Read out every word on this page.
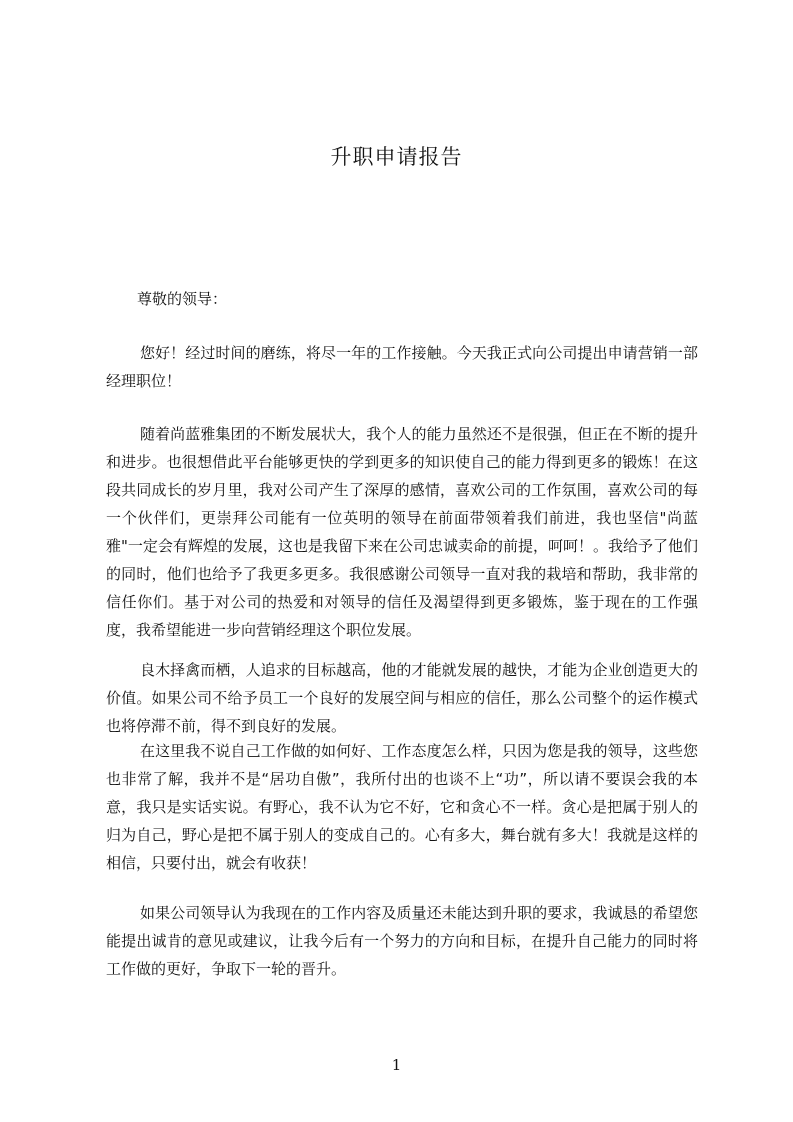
升职申请报告
尊敬的领导：

您好！经过时间的磨练，将尽一年的工作接触。今天我正式向公司提出申请营销一部经理职位！

随着尚蓝雅集团的不断发展状大，我个人的能力虽然还不是很强，但正在不断的提升和进步。也很想借此平台能够更快的学到更多的知识使自己的能力得到更多的锻炼！在这段共同成长的岁月里，我对公司产生了深厚的感情，喜欢公司的工作氛围，喜欢公司的每一个伙伴们，更崇拜公司能有一位英明的领导在前面带领着我们前进，我也坚信"尚蓝雅"一定会有辉煌的发展，这也是我留下来在公司忠诚卖命的前提，呵呵！。我给予了他们的同时，他们也给予了我更多更多。我很感谢公司领导一直对我的栽培和帮助，我非常的信任你们。基于对公司的热爱和对领导的信任及渴望得到更多锻炼，鉴于现在的工作强度，我希望能进一步向营销经理这个职位发展。

良木择禽而栖，人追求的目标越高，他的才能就发展的越快，才能为企业创造更大的价值。如果公司不给予员工一个良好的发展空间与相应的信任，那么公司整个的运作模式也将停滞不前，得不到良好的发展。

在这里我不说自己工作做的如何好、工作态度怎么样，只因为您是我的领导，这些您也非常了解，我并不是“居功自傲”，我所付出的也谈不上“功”，所以请不要误会我的本意，我只是实话实说。有野心，我不认为它不好，它和贪心不一样。贪心是把属于别人的归为自己，野心是把不属于别人的变成自己的。心有多大，舞台就有多大！我就是这样的相信，只要付出，就会有收获！

如果公司领导认为我现在的工作内容及质量还未能达到升职的要求，我诚恳的希望您能提出诚肯的意见或建议，让我今后有一个努力的方向和目标，在提升自己能力的同时将工作做的更好，争取下一轮的晋升。

1
